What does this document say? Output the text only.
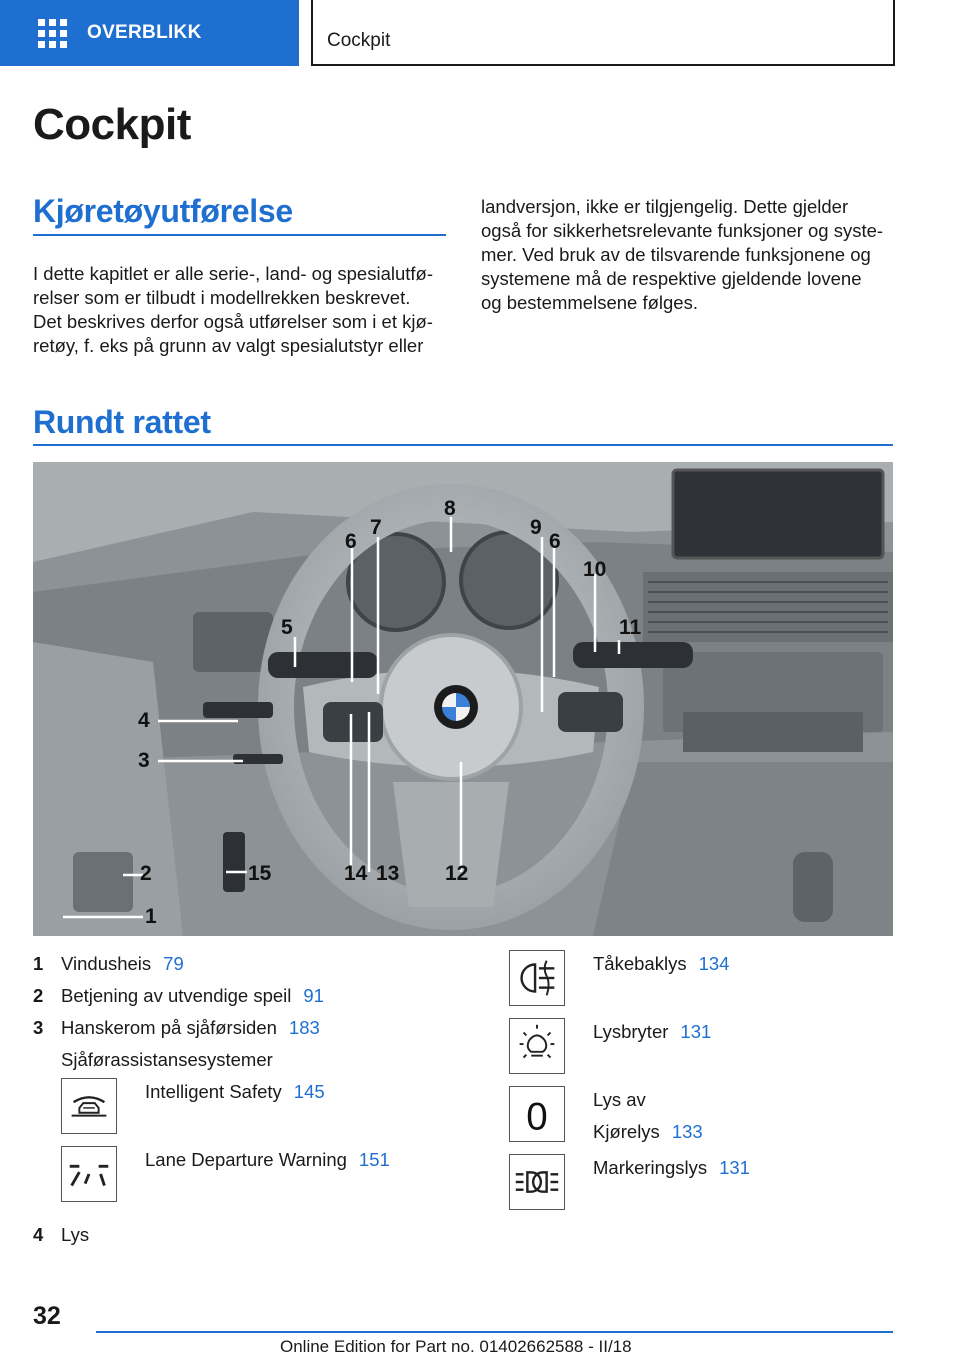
OVERBLIKK	Cockpit
Cockpit
Kjøretøyutførelse
I dette kapitlet er alle serie-, land- og spesialutfø-
relser som er tilbudt i modellrekken beskrevet.
Det beskrives derfor også utførelser som i et kjø-
retøy, f. eks på grunn av valgt spesialutstyr eller
landversjon, ikke er tilgjengelig. Dette gjelder
også for sikkerhetsrelevante funksjoner og syste-
mer. Ved bruk av de tilsvarende funksjonene og
systemene må de respektive gjeldende lovene
og bestemmelsene følges.
Rundt rattet
1
2
3
4
5
6
7
8
9
6
10
11
12
13
14
15
1 Vindusheis 79
2 Betjening av utvendige speil 91
3 Hanskerom på sjåførsiden 183
Sjåførassistansesystemer
Intelligent Safety 145
Lane Departure Warning 151
4 Lys
Tåkebaklys 134
Lysbryter 131
0 Lys av
Kjørelys 133
Markeringslys 131
32
Online Edition for Part no. 01402662588 - II/18
